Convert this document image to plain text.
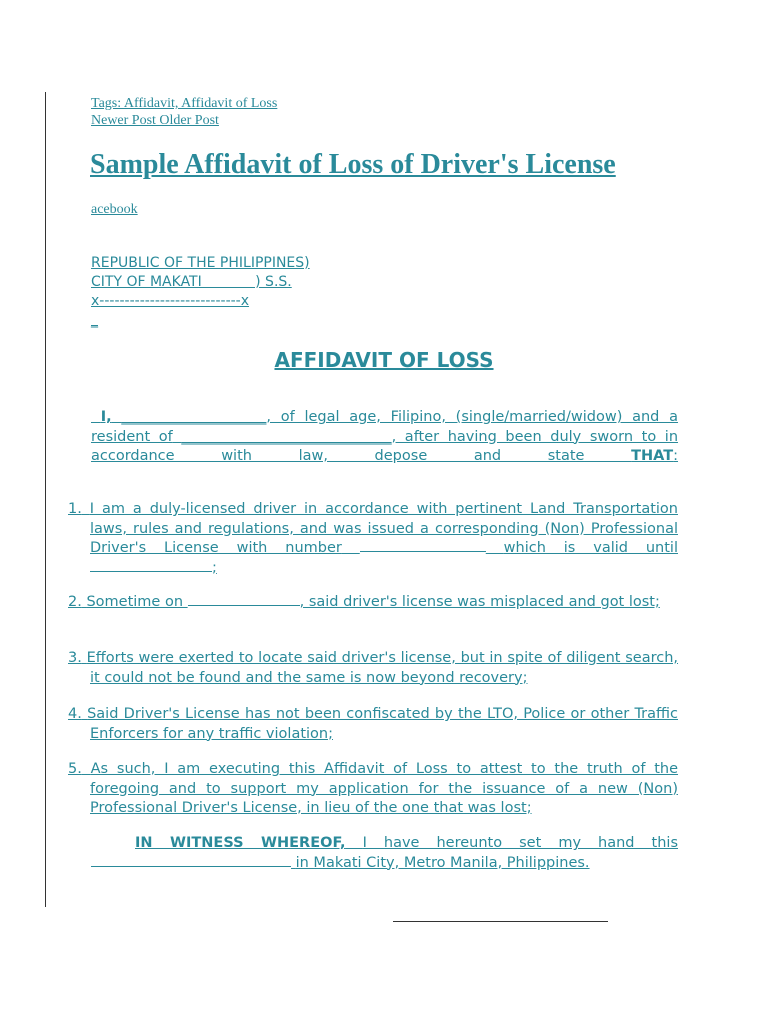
Tags: Affidavit, Affidavit of Loss
Newer Post Older Post
Sample Affidavit of Loss of Driver's License
acebook
REPUBLIC OF THE PHILIPPINES)
CITY OF MAKATI            ) S.S.
x----------------------------x
_
AFFIDAVIT OF LOSS
I, ____________________, of legal age, Filipino, (single/married/widow) and a resident of _____________________________, after having been duly sworn to in accordance with law, depose and state	THAT:
1. I am a duly-licensed driver in accordance with pertinent Land Transportation laws, rules and regulations, and was issued a corresponding (Non) Professional Driver's License with number	which is valid until ;
2. Sometime on	, said driver's license was misplaced and got lost;
3. Efforts were exerted to locate said driver's license, but in spite of diligent search, it could not be found and the same is now beyond recovery;
4. Said Driver's License has not been confiscated by the LTO, Police or other Traffic Enforcers for any traffic violation;
5. As such, I am executing this Affidavit of Loss to attest to the truth of the foregoing and to support my application for the issuance of a new (Non) Professional Driver's License, in lieu of the one that was lost;
IN WITNESS WHEREOF, I have hereunto set my hand this  in Makati City, Metro Manila, Philippines.
